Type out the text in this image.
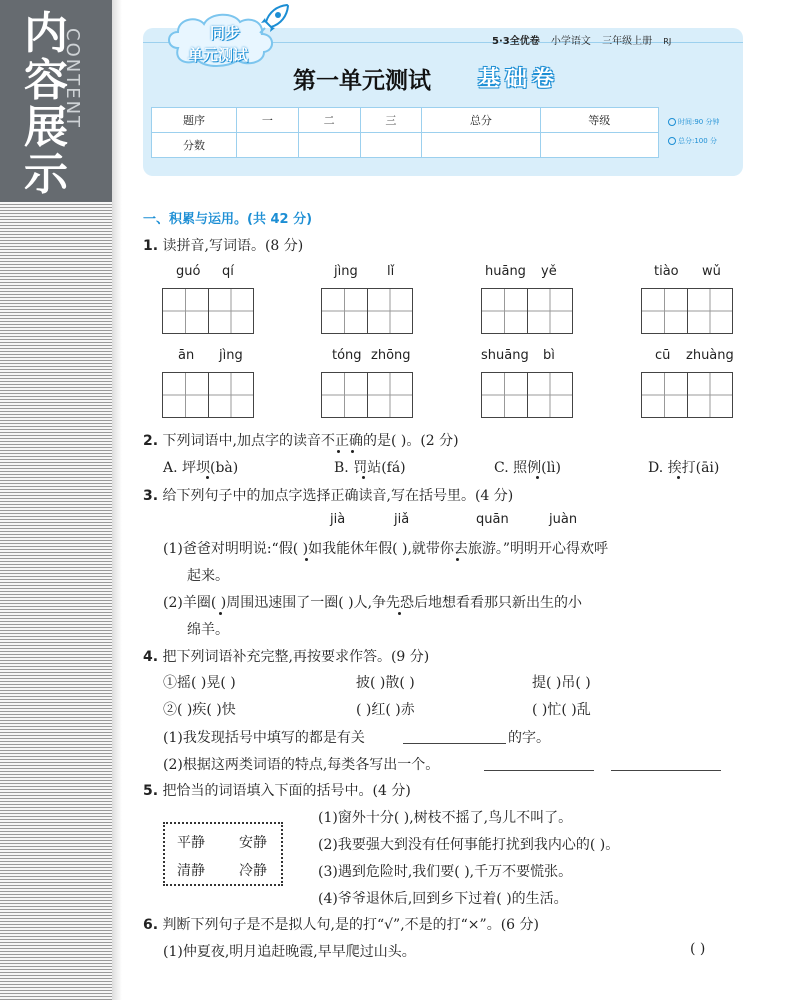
内容展示
CONTENT	同步
单元测试
5·3全优卷 小学语文 三年级上册 RJ
第一单元测试 基础卷
题序	一	二	三	总分	等级
分数					
时间:90 分钟
总分:100 分
一、积累与运用。(共 42 分)
1. 读拼音,写词语。(8 分)
guó qí	jìng lǐ	huāng yě	tiào wǔ
ān jìng	tóng zhōng	shuāng bì	cū zhuàng
2. 下列词语中,加点字的读音不正确的是( )。(2 分)
A. 坪坝(bà)	B. 罚站(fá)	C. 照例(lì)	D. 挨打(āi)
3. 给下列句子中的加点字选择正确读音,写在括号里。(4 分)
jià	jiǎ	quān	juàn
(1)爸爸对明明说:“假( )如我能休年假( ),就带你去旅游。”明明开心得欢呼
起来。
(2)羊圈( )周围迅速围了一圈( )人,争先恐后地想看看那只新出生的小
绵羊。
4. 把下列词语补充完整,再按要求作答。(9 分)
①摇( )晃( )	披( )散( )	提( )吊( )
②( )疾( )快	( )红( )赤	( )忙( )乱
(1)我发现括号中填写的都是有关	的字。
(2)根据这两类词语的特点,每类各写出一个。
5. 把恰当的词语填入下面的括号中。(4 分)
平静 安静
清静 冷静
(1)窗外十分( ),树枝不摇了,鸟儿不叫了。
(2)我要强大到没有任何事能打扰到我内心的( )。
(3)遇到危险时,我们要( ),千万不要慌张。
(4)爷爷退休后,回到乡下过着( )的生活。
6. 判断下列句子是不是拟人句,是的打“√”,不是的打“×”。(6 分)
(1)仲夏夜,明月追赶晚霞,早早爬过山头。	( )
